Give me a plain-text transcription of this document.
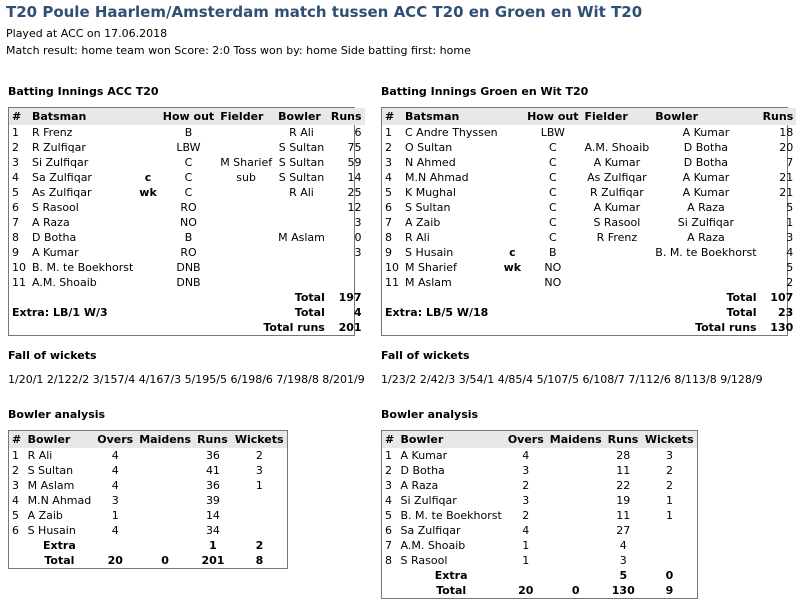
T20 Poule Haarlem/Amsterdam match tussen ACC T20 en Groen en Wit T20
Played at ACC on 17.06.2018
Match result: home team won Score: 2:0 Toss won by: home Side batting first: home
Batting Innings ACC T20
#	Batsman		How out	Fielder	Bowler	Runs
1	R Frenz		B		R Ali	6
2	R Zulfiqar		LBW		S Sultan	75
3	Si Zulfiqar		C	M Sharief	S Sultan	59
4	Sa Zulfiqar	c	C	sub	S Sultan	14
5	As Zulfiqar	wk	C		R Ali	25
6	S Rasool		RO			12
7	A Raza		NO			3
8	D Botha		B		M Aslam	0
9	A Kumar		RO			3
10	B. M. te Boekhorst		DNB			
11	A.M. Shoaib		DNB			
Total						197
Extra: LB/1 W/3			Total			4
Total runs						201
Fall of wickets
1/20/1 2/122/2 3/157/4 4/167/3 5/195/5 6/198/6 7/198/8 8/201/9
Bowler analysis
#	Bowler	Overs	Maidens	Runs	Wickets
1	R Ali	4		36	2
2	S Sultan	4		41	3
3	M Aslam	4		36	1
4	M.N Ahmad	3		39	
5	A Zaib	1		14	
6	S Husain	4		34	
	Extra			1	2
	Total	20	0	201	8
Batting Innings Groen en Wit T20
#	Batsman		How out	Fielder	Bowler	Runs
1	C Andre Thyssen		LBW		A Kumar	18
2	O Sultan		C	A.M. Shoaib	D Botha	20
3	N Ahmed		C	A Kumar	D Botha	7
4	M.N Ahmad		C	As Zulfiqar	A Kumar	21
5	K Mughal		C	R Zulfiqar	A Kumar	21
6	S Sultan		C	A Kumar	A Raza	5
7	A Zaib		C	S Rasool	Si Zulfiqar	1
8	R Ali		C	R Frenz	A Raza	3
9	S Husain	c	B		B. M. te Boekhorst	4
10	M Sharief	wk	NO			5
11	M Aslam		NO			2
Total						107
Extra: LB/5 W/18			Total			23
Total runs						130
Fall of wickets
1/23/2 2/42/3 3/54/1 4/85/4 5/107/5 6/108/7 7/112/6 8/113/8 9/128/9
Bowler analysis
#	Bowler	Overs	Maidens	Runs	Wickets
1	A Kumar	4		28	3
2	D Botha	3		11	2
3	A Raza	2		22	2
4	Si Zulfiqar	3		19	1
5	B. M. te Boekhorst	2		11	1
6	Sa Zulfiqar	4		27	
7	A.M. Shoaib	1		4	
8	S Rasool	1		3	
	Extra			5	0
	Total	20	0	130	9
